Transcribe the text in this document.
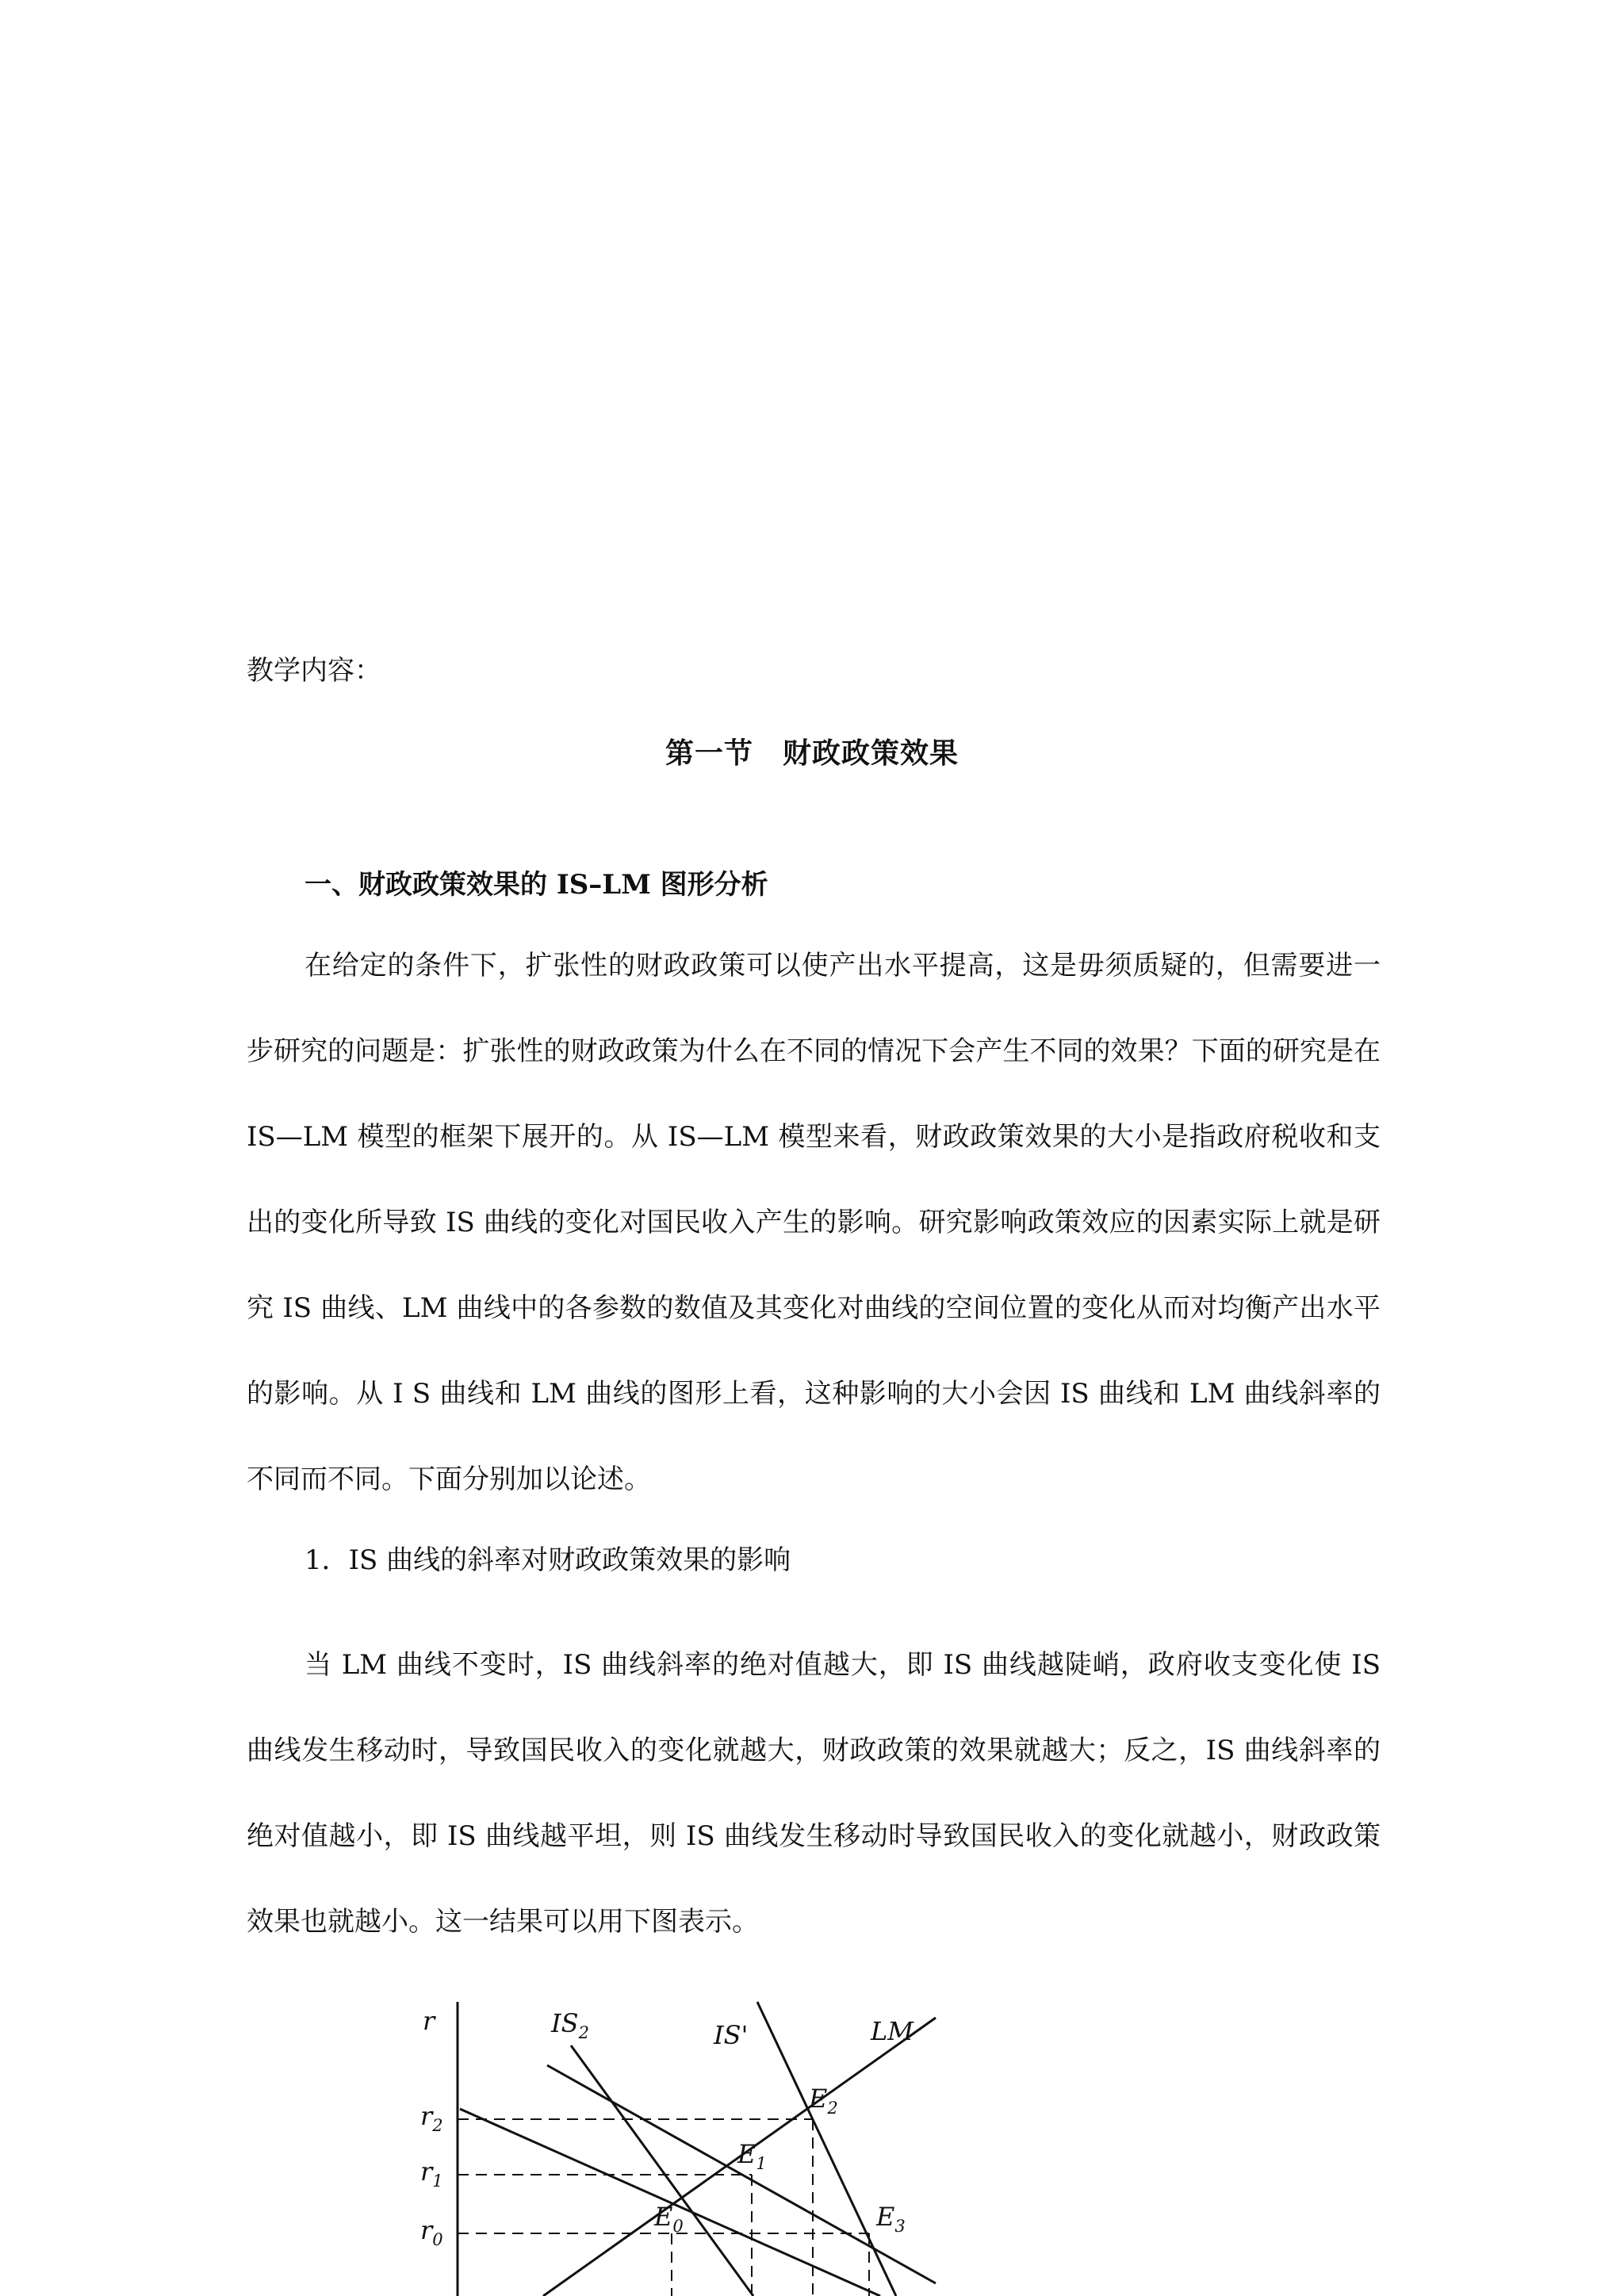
教学内容：
第一节　财政政策效果
一、财政政策效果的 IS–LM 图形分析

在给定的条件下，扩张性的财政政策可以使产出水平提高，这是毋须质疑的，但需要进一步研究的问题是：扩张性的财政政策为什么在不同的情况下会产生不同的效果？下面的研究是在 IS—LM 模型的框架下展开的。从 IS—LM 模型来看，财政政策效果的大小是指政府税收和支出的变化所导致 IS 曲线的变化对国民收入产生的影响。研究影响政策效应的因素实际上就是研究 IS 曲线、LM 曲线中的各参数的数值及其变化对曲线的空间位置的变化从而对均衡产出水平的影响。从 I S 曲线和 LM 曲线的图形上看，这种影响的大小会因 IS 曲线和 LM 曲线斜率的不同而不同。下面分别加以论述。

1．IS 曲线的斜率对财政政策效果的影响

当 LM 曲线不变时，IS 曲线斜率的绝对值越大，即 IS 曲线越陡峭，政府收支变化使 IS 曲线发生移动时，导致国民收入的变化就越大，财政政策的效果就越大；反之，IS 曲线斜率的绝对值越小，即 IS 曲线越平坦，则 IS 曲线发生移动时导致国民收入的变化就越小，财政政策效果也就越小。这一结果可以用下图表示。

r	$IS_2$	IS'	LM
$E_2$
$E_1$
$E_0$	$E_3$
$r_2$
$r_1$
$r_0$
